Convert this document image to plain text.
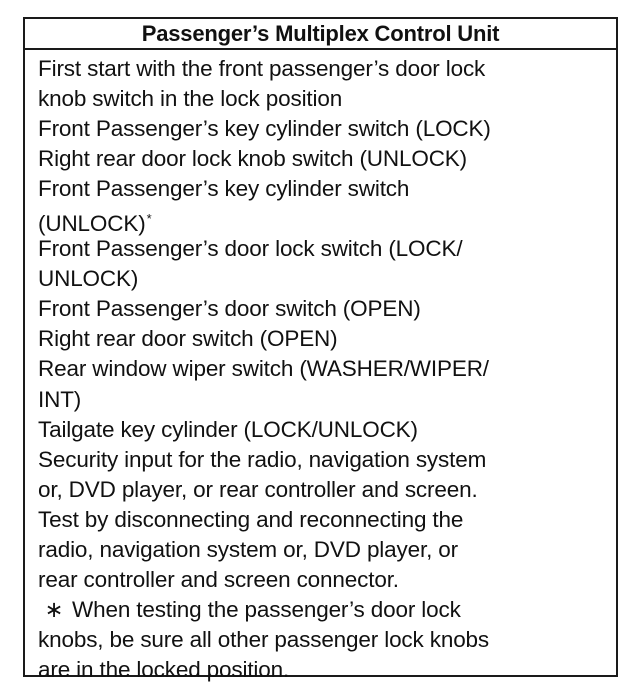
Passenger’s Multiplex Control Unit
First start with the front passenger’s door lock
knob switch in the lock position
Front Passenger’s key cylinder switch (LOCK)
Right rear door lock knob switch (UNLOCK)
Front Passenger’s key cylinder switch
(UNLOCK)*
Front Passenger’s door lock switch (LOCK/
UNLOCK)
Front Passenger’s door switch (OPEN)
Right rear door switch (OPEN)
Rear window wiper switch (WASHER/WIPER/
INT)
Tailgate key cylinder (LOCK/UNLOCK)
Security input for the radio, navigation system
or, DVD player, or rear controller and screen.
Test by disconnecting and reconnecting the
radio, navigation system or, DVD player, or
rear controller and screen connector.
∗ When testing the passenger’s door lock
knobs, be sure all other passenger lock knobs
are in the locked position.
